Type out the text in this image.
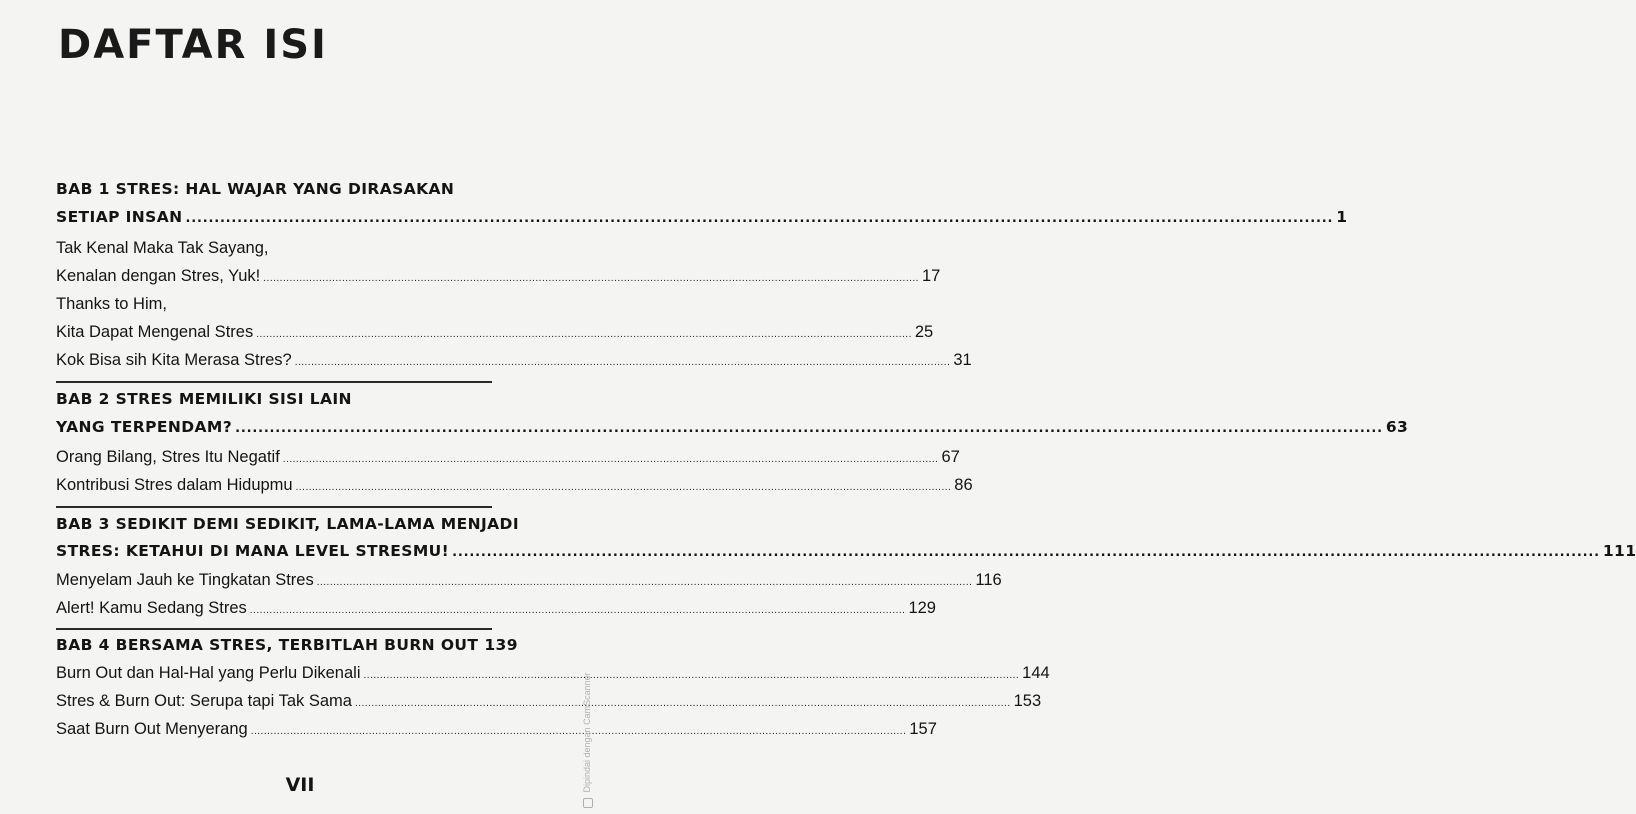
DAFTAR ISI
BAB 1 STRES: HAL WAJAR YANG DIRASAKAN
SETIAP INSAN ........................................................................................................................................................................................................ 1
Tak Kenal Maka Tak Sayang,
Kenalan dengan Stres, Yuk! ........................................................................................................................................................................................................ 17
Thanks to Him,
Kita Dapat Mengenal Stres ........................................................................................................................................................................................................ 25
Kok Bisa sih Kita Merasa Stres? ........................................................................................................................................................................................................ 31
BAB 2 STRES MEMILIKI SISI LAIN
YANG TERPENDAM? ........................................................................................................................................................................................................ 63
Orang Bilang, Stres Itu Negatif ........................................................................................................................................................................................................ 67
Kontribusi Stres dalam Hidupmu ........................................................................................................................................................................................................ 86
BAB 3 SEDIKIT DEMI SEDIKIT, LAMA-LAMA MENJADI
STRES: KETAHUI DI MANA LEVEL STRESMU! ........................................................................................................................................................................................................ 111
Menyelam Jauh ke Tingkatan Stres ........................................................................................................................................................................................................ 116
Alert! Kamu Sedang Stres ........................................................................................................................................................................................................ 129
BAB 4 BERSAMA STRES, TERBITLAH BURN OUT 139
Burn Out dan Hal-Hal yang Perlu Dikenali ........................................................................................................................................................................................................ 144
Stres & Burn Out: Serupa tapi Tak Sama ........................................................................................................................................................................................................ 153
Saat Burn Out Menyerang ........................................................................................................................................................................................................ 157
VII	Dipindai dengan CamScanner
